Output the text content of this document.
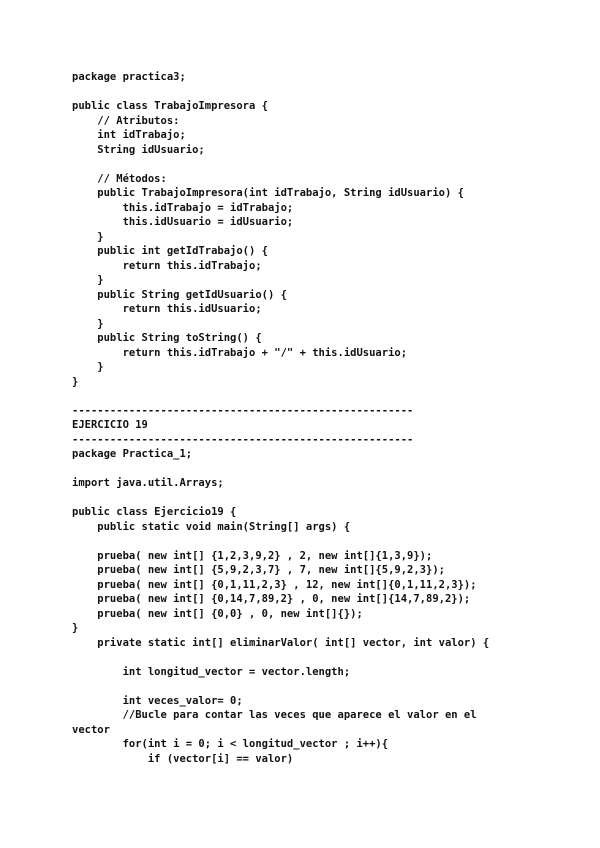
package practica3;
public class TrabajoImpresora {
// Atributos:
int idTrabajo;
String idUsuario;
// Métodos:
public TrabajoImpresora(int idTrabajo, String idUsuario) {
this.idTrabajo = idTrabajo;
this.idUsuario = idUsuario;
}
public int getIdTrabajo() {
return this.idTrabajo;
}
public String getIdUsuario() {
return this.idUsuario;
}
public String toString() {
return this.idTrabajo + "/" + this.idUsuario;
}
}
------------------------------------------------------
EJERCICIO 19
------------------------------------------------------
package Practica_1;
import java.util.Arrays;
public class Ejercicio19 {
public static void main(String[] args) {
prueba( new int[] {1,2,3,9,2} , 2, new int[]{1,3,9});
prueba( new int[] {5,9,2,3,7} , 7, new int[]{5,9,2,3});
prueba( new int[] {0,1,11,2,3} , 12, new int[]{0,1,11,2,3});
prueba( new int[] {0,14,7,89,2} , 0, new int[]{14,7,89,2});
prueba( new int[] {0,0} , 0, new int[]{});
}
private static int[] eliminarValor( int[] vector, int valor) {
int longitud_vector = vector.length;
int veces_valor= 0;
//Bucle para contar las veces que aparece el valor en el
vector
for(int i = 0; i < longitud_vector ; i++){
if (vector[i] == valor)
